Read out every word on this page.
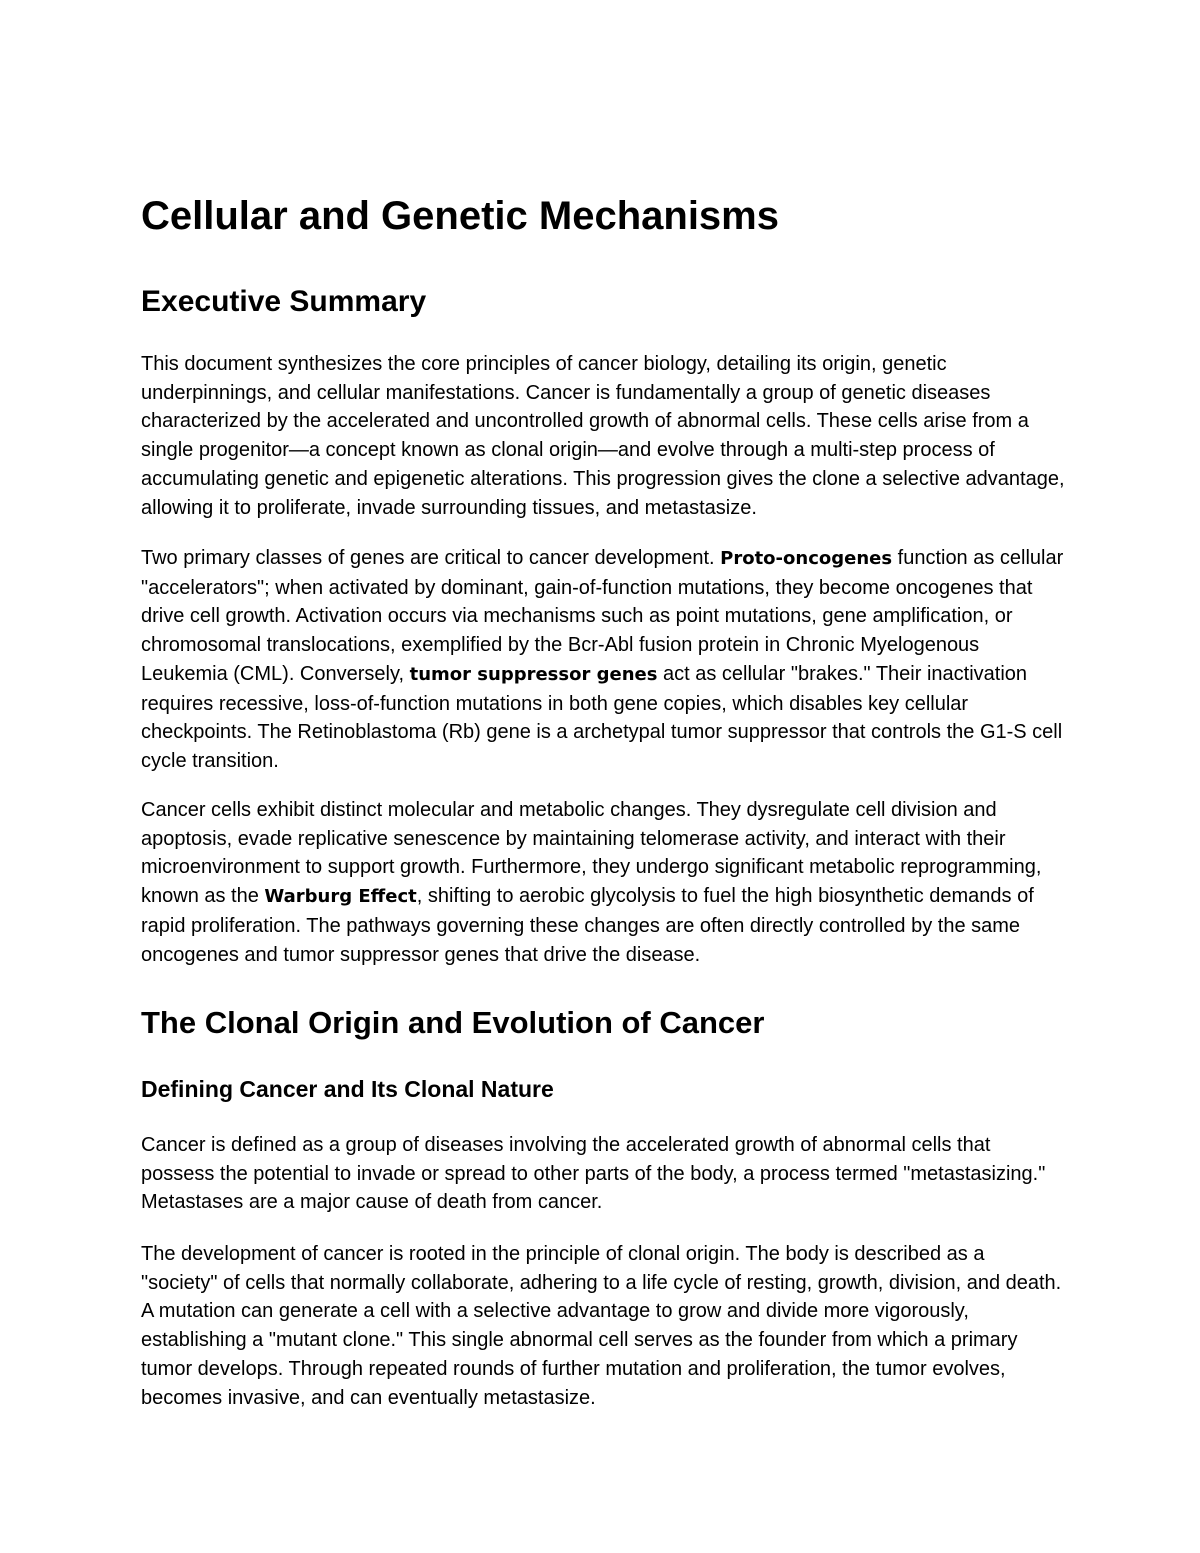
Cellular and Genetic Mechanisms
Executive Summary

This document synthesizes the core principles of cancer biology, detailing its origin, genetic underpinnings, and cellular manifestations. Cancer is fundamentally a group of genetic diseases characterized by the accelerated and uncontrolled growth of abnormal cells. These cells arise from a single progenitor—a concept known as clonal origin—and evolve through a multi-step process of accumulating genetic and epigenetic alterations. This progression gives the clone a selective advantage, allowing it to proliferate, invade surrounding tissues, and metastasize.

Two primary classes of genes are critical to cancer development. Proto-oncogenes function as cellular "accelerators"; when activated by dominant, gain-of-function mutations, they become oncogenes that drive cell growth. Activation occurs via mechanisms such as point mutations, gene amplification, or chromosomal translocations, exemplified by the Bcr-Abl fusion protein in Chronic Myelogenous Leukemia (CML). Conversely, tumor suppressor genes act as cellular "brakes." Their inactivation requires recessive, loss-of-function mutations in both gene copies, which disables key cellular checkpoints. The Retinoblastoma (Rb) gene is a archetypal tumor suppressor that controls the G1-S cell cycle transition.

Cancer cells exhibit distinct molecular and metabolic changes. They dysregulate cell division and apoptosis, evade replicative senescence by maintaining telomerase activity, and interact with their microenvironment to support growth. Furthermore, they undergo significant metabolic reprogramming, known as the Warburg Effect, shifting to aerobic glycolysis to fuel the high biosynthetic demands of rapid proliferation. The pathways governing these changes are often directly controlled by the same oncogenes and tumor suppressor genes that drive the disease.

The Clonal Origin and Evolution of Cancer
Defining Cancer and Its Clonal Nature

Cancer is defined as a group of diseases involving the accelerated growth of abnormal cells that possess the potential to invade or spread to other parts of the body, a process termed "metastasizing." Metastases are a major cause of death from cancer.

The development of cancer is rooted in the principle of clonal origin. The body is described as a "society" of cells that normally collaborate, adhering to a life cycle of resting, growth, division, and death. A mutation can generate a cell with a selective advantage to grow and divide more vigorously, establishing a "mutant clone." This single abnormal cell serves as the founder from which a primary tumor develops. Through repeated rounds of further mutation and proliferation, the tumor evolves, becomes invasive, and can eventually metastasize.
